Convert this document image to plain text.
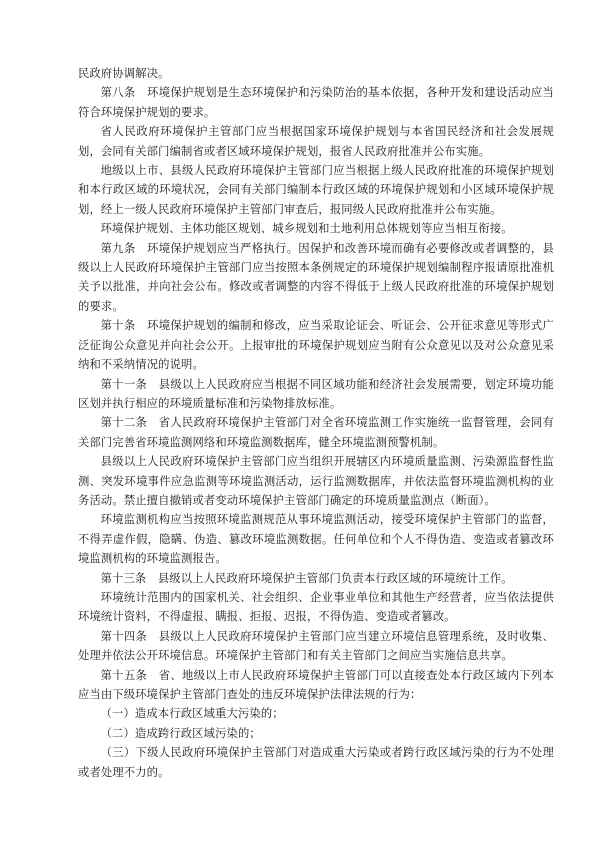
民政府协调解决。

第八条　环境保护规划是生态环境保护和污染防治的基本依据，各种开发和建设活动应当符合环境保护规划的要求。

省人民政府环境保护主管部门应当根据国家环境保护规划与本省国民经济和社会发展规划，会同有关部门编制省或者区域环境保护规划，报省人民政府批准并公布实施。

地级以上市、县级人民政府环境保护主管部门应当根据上级人民政府批准的环境保护规划和本行政区域的环境状况，会同有关部门编制本行政区域的环境保护规划和小区域环境保护规划，经上一级人民政府环境保护主管部门审查后，报同级人民政府批准并公布实施。

环境保护规划、主体功能区规划、城乡规划和土地利用总体规划等应当相互衔接。

第九条　环境保护规划应当严格执行。因保护和改善环境而确有必要修改或者调整的，县级以上人民政府环境保护主管部门应当按照本条例规定的环境保护规划编制程序报请原批准机关予以批准，并向社会公布。修改或者调整的内容不得低于上级人民政府批准的环境保护规划的要求。

第十条　环境保护规划的编制和修改，应当采取论证会、听证会、公开征求意见等形式广泛征询公众意见并向社会公开。上报审批的环境保护规划应当附有公众意见以及对公众意见采纳和不采纳情况的说明。

第十一条　县级以上人民政府应当根据不同区域功能和经济社会发展需要，划定环境功能区划并执行相应的环境质量标准和污染物排放标准。

第十二条　省人民政府环境保护主管部门对全省环境监测工作实施统一监督管理，会同有关部门完善省环境监测网络和环境监测数据库，健全环境监测预警机制。

县级以上人民政府环境保护主管部门应当组织开展辖区内环境质量监测、污染源监督性监测、突发环境事件应急监测等环境监测活动，运行监测数据库，并依法监督环境监测机构的业务活动。禁止擅自撤销或者变动环境保护主管部门确定的环境质量监测点（断面）。

环境监测机构应当按照环境监测规范从事环境监测活动，接受环境保护主管部门的监督，不得弄虚作假，隐瞒、伪造、篡改环境监测数据。任何单位和个人不得伪造、变造或者篡改环境监测机构的环境监测报告。

第十三条　县级以上人民政府环境保护主管部门负责本行政区域的环境统计工作。

环境统计范围内的国家机关、社会组织、企业事业单位和其他生产经营者，应当依法提供环境统计资料，不得虚报、瞒报、拒报、迟报，不得伪造、变造或者篡改。

第十四条　县级以上人民政府环境保护主管部门应当建立环境信息管理系统，及时收集、处理并依法公开环境信息。环境保护主管部门和有关主管部门之间应当实施信息共享。

第十五条　省、地级以上市人民政府环境保护主管部门可以直接查处本行政区域内下列本应当由下级环境保护主管部门查处的违反环境保护法律法规的行为：

（一）造成本行政区域重大污染的；

（二）造成跨行政区域污染的；

（三）下级人民政府环境保护主管部门对造成重大污染或者跨行政区域污染的行为不处理或者处理不力的。
